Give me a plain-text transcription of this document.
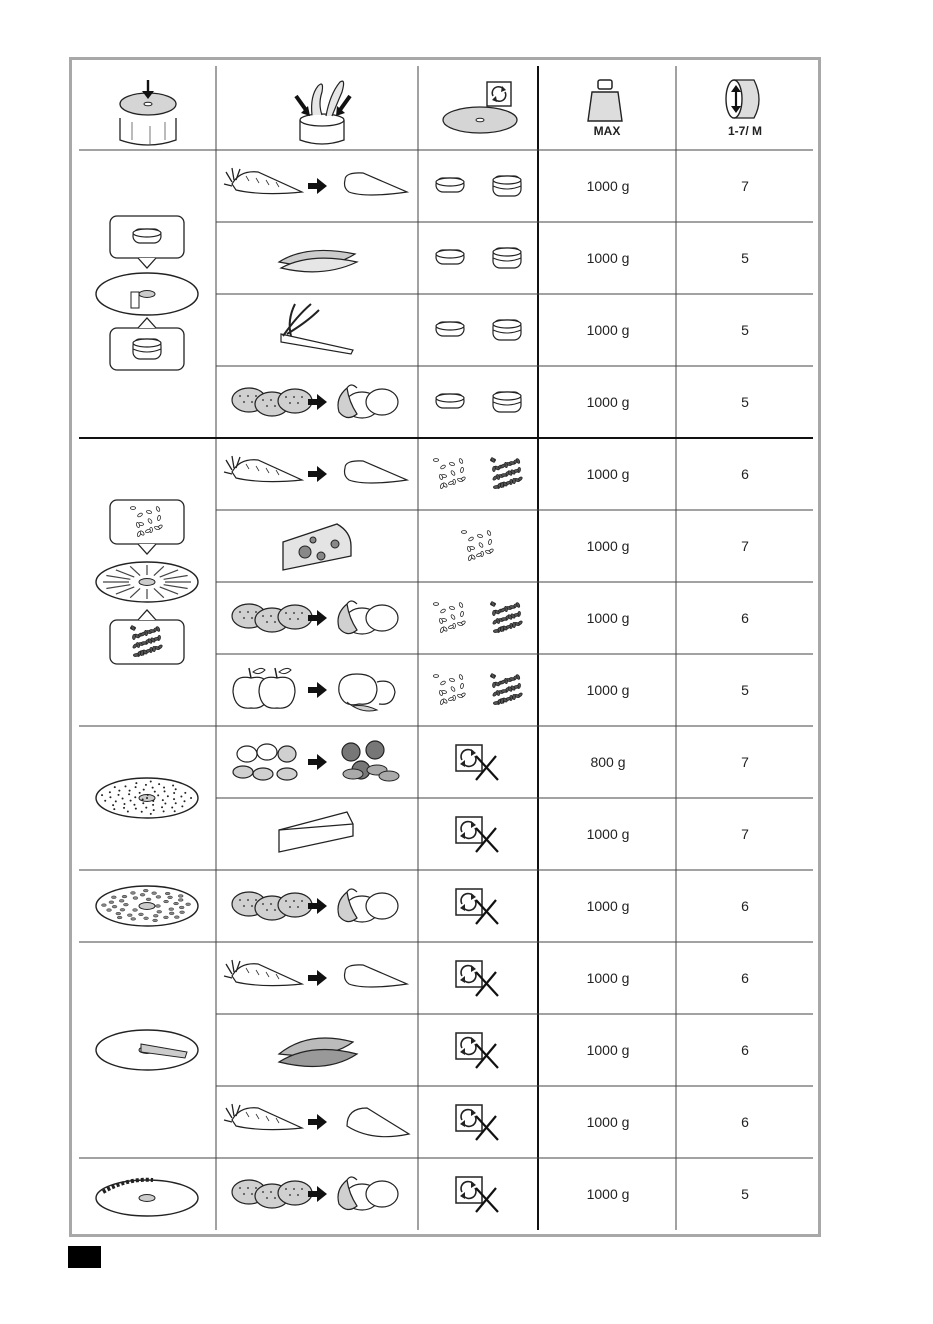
MAX	1-7/ M
1000 g	7
1000 g	5
1000 g	5
1000 g	5
1000 g	6
1000 g	7
1000 g	6
1000 g	5
800 g	7
1000 g	7
1000 g	6
1000 g	6
1000 g	6
1000 g	6
1000 g	5
